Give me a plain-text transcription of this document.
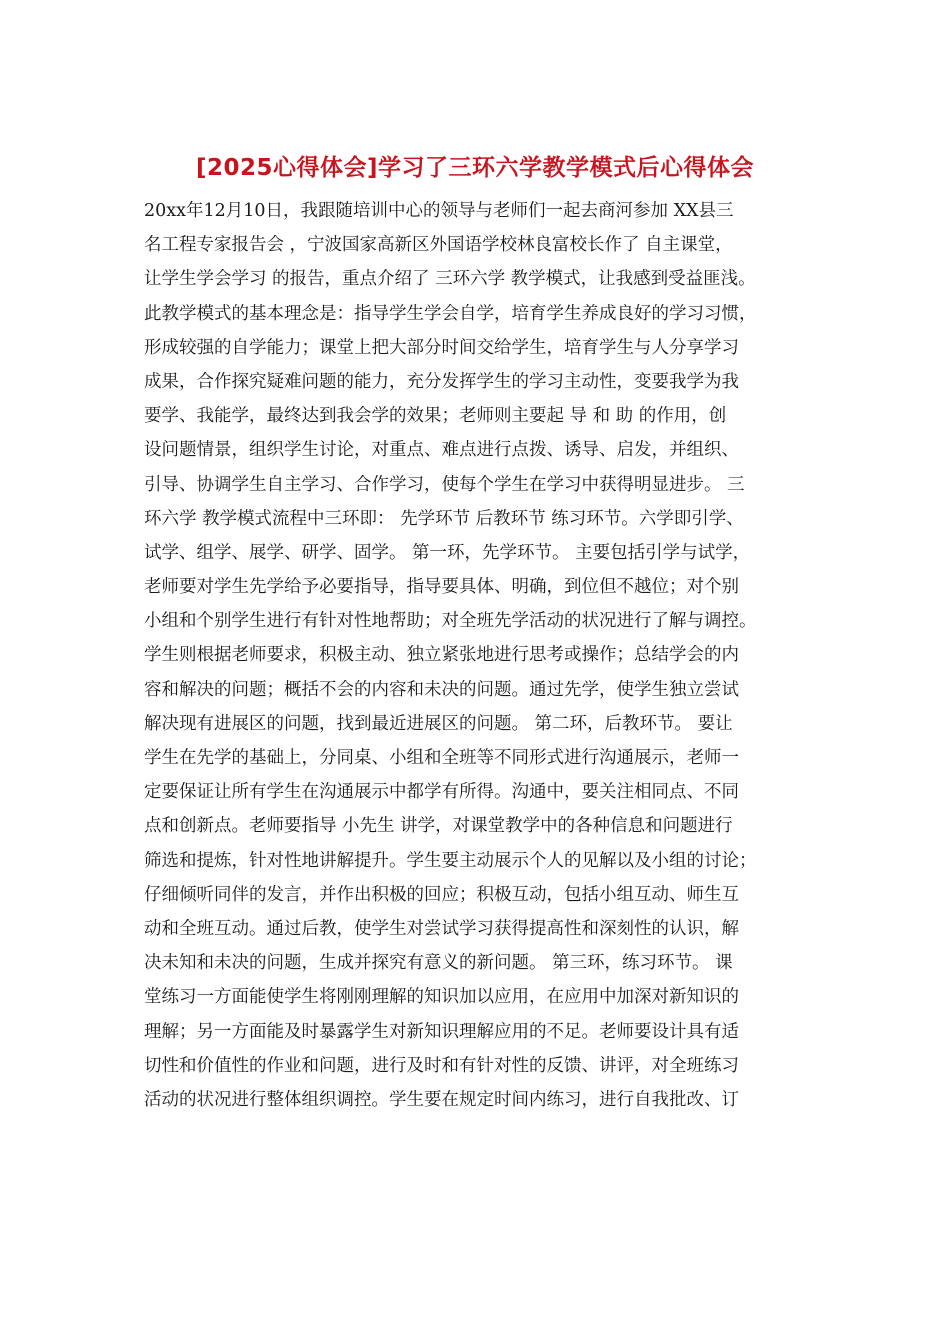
[2025心得体会]学习了三环六学教学模式后心得体会
20xx年12月10日，我跟随培训中心的领导与老师们一起去商河参加 XX县三
名工程专家报告会 ，宁波国家高新区外国语学校林良富校长作了 自主课堂，
让学生学会学习 的报告，重点介绍了 三环六学 教学模式，让我感到受益匪浅。
此教学模式的基本理念是：指导学生学会自学，培育学生养成良好的学习习惯，
形成较强的自学能力；课堂上把大部分时间交给学生，培育学生与人分享学习
成果，合作探究疑难问题的能力，充分发挥学生的学习主动性，变要我学为我
要学、我能学，最终达到我会学的效果；老师则主要起 导 和 助 的作用，创
设问题情景，组织学生讨论，对重点、难点进行点拨、诱导、启发，并组织、
引导、协调学生自主学习、合作学习，使每个学生在学习中获得明显进步。 三
环六学 教学模式流程中三环即： 先学环节 后教环节 练习环节。六学即引学、
试学、组学、展学、研学、固学。 第一环，先学环节。 主要包括引学与试学，
老师要对学生先学给予必要指导，指导要具体、明确，到位但不越位；对个别
小组和个别学生进行有针对性地帮助；对全班先学活动的状况进行了解与调控。
学生则根据老师要求，积极主动、独立紧张地进行思考或操作；总结学会的内
容和解决的问题；概括不会的内容和未决的问题。通过先学，使学生独立尝试
解决现有进展区的问题，找到最近进展区的问题。 第二环，后教环节。 要让
学生在先学的基础上，分同桌、小组和全班等不同形式进行沟通展示，老师一
定要保证让所有学生在沟通展示中都学有所得。沟通中，要关注相同点、不同
点和创新点。老师要指导 小先生 讲学，对课堂教学中的各种信息和问题进行
筛选和提炼，针对性地讲解提升。学生要主动展示个人的见解以及小组的讨论；
仔细倾听同伴的发言，并作出积极的回应；积极互动，包括小组互动、师生互
动和全班互动。通过后教，使学生对尝试学习获得提高性和深刻性的认识，解
决未知和未决的问题，生成并探究有意义的新问题。 第三环，练习环节。 课
堂练习一方面能使学生将刚刚理解的知识加以应用，在应用中加深对新知识的
理解；另一方面能及时暴露学生对新知识理解应用的不足。老师要设计具有适
切性和价值性的作业和问题，进行及时和有针对性的反馈、讲评，对全班练习
活动的状况进行整体组织调控。学生要在规定时间内练习，进行自我批改、订
